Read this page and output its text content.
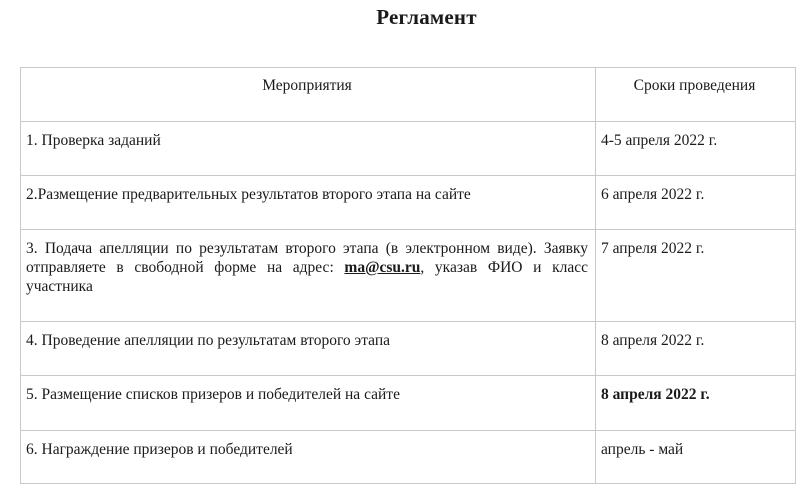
Регламент
Мероприятия	Сроки проведения

1. Проверка заданий	4-5 апреля 2022 г.

2.Размещение предварительных результатов второго этапа на сайте	6 апреля 2022 г.

3. Подача апелляции по результатам второго этапа (в электронном виде). Заявку отправляете в свободной форме на адрес: ma@csu.ru, указав ФИО и класс участника	7 апреля 2022 г.

4. Проведение апелляции по результатам второго этапа	8 апреля 2022 г.

5. Размещение списков призеров и победителей на сайте	8 апреля 2022 г.

6. Награждение призеров и победителей	апрель - май
